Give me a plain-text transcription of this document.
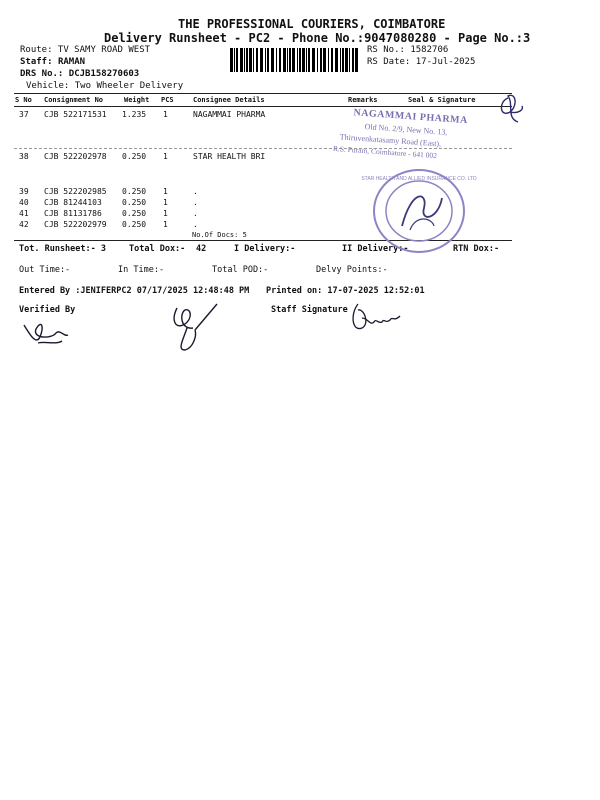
THE PROFESSIONAL COURIERS, COIMBATORE
Delivery Runsheet - PC2 - Phone No.:9047080280 - Page No.:3
Route: TV SAMY ROAD WEST
Staff: RAMAN
DRS No.: DCJB158270603
Vehicle: Two Wheeler Delivery
RS No.: 1582706
RS Date: 17-Jul-2025
S No Consignment No	Weight PCS	Consignee Details	Remarks	Seal & Signature
37 CJB 522171531 1.235 1	NAGAMMAI PHARMA
38 CJB 522202978 0.250 1	STAR HEALTH BRI
39 CJB 522202985 0.250 1	.
40 CJB 81244103	0.250 1	.
41 CJB 81131786	0.250 1	.
42 CJB 522202979 0.250 1	.
No.Of Docs: 5
Tot. Runsheet:- 3	Total Dox:- 42	I Delivery:-	II Delivery:-	RTN Dox:-
Out Time:-	In Time:-	Total POD:-	Delvy Points:-
Entered By :JENIFERPC2 07/17/2025 12:48:48 PM Printed on: 17-07-2025 12:52:01
Verified By	Staff Signature
NAGAMMAI PHARMA
Old No. 2/9, New No. 13,
Thiruvenkatasamy Road (East),
R.S. Puram, Coimbatore - 641 002
STAR HEALTH AND ALLIED INSURANCE CO. LTD
